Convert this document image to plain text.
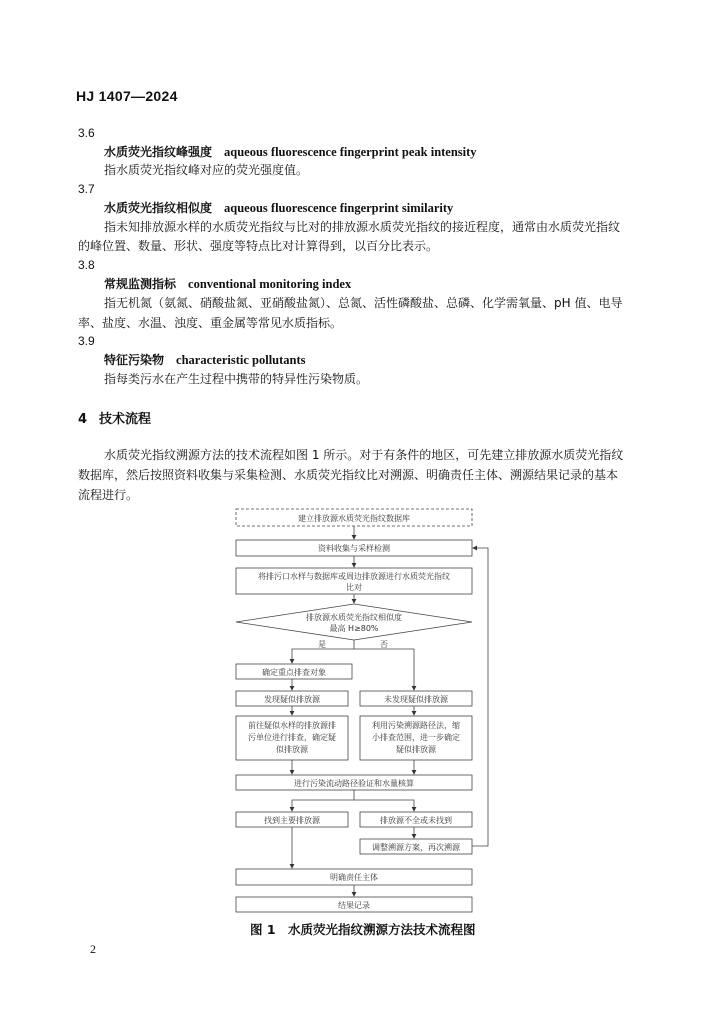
HJ 1407—2024
3.6
水质荧光指纹峰强度 aqueous fluorescence fingerprint peak intensity
指水质荧光指纹峰对应的荧光强度值。
3.7
水质荧光指纹相似度 aqueous fluorescence fingerprint similarity
指未知排放源水样的水质荧光指纹与比对的排放源水质荧光指纹的接近程度，通常由水质荧光指纹
的峰位置、数量、形状、强度等特点比对计算得到，以百分比表示。
3.8
常规监测指标 conventional monitoring index
指无机氮（氨氮、硝酸盐氮、亚硝酸盐氮）、总氮、活性磷酸盐、总磷、化学需氧量、pH 值、电导
率、盐度、水温、浊度、重金属等常见水质指标。
3.9
特征污染物 characteristic pollutants
指每类污水在产生过程中携带的特异性污染物质。
4 技术流程
水质荧光指纹溯源方法的技术流程如图 1 所示。对于有条件的地区，可先建立排放源水质荧光指纹
数据库，然后按照资料收集与采集检测、水质荧光指纹比对溯源、明确责任主体、溯源结果记录的基本
流程进行。
建立排放源水质荧光指纹数据库
资料收集与采样检测
将排污口水样与数据库或周边排放源进行水质荧光指纹
比对
排放源水质荧光指纹相似度
最高 H≥80%
是	否
确定重点排查对象
发现疑似排放源	未发现疑似排放源
前往疑似水样的排放源排
污单位进行排查，确定疑
似排放源
利用污染溯源路径法，缩
小排查范围，进一步确定
疑似排放源
进行污染流动路径验证和水量核算
找到主要排放源	排放源不全或未找到
调整溯源方案，再次溯源
明确责任主体
结果记录
图 1　水质荧光指纹溯源方法技术流程图
2
